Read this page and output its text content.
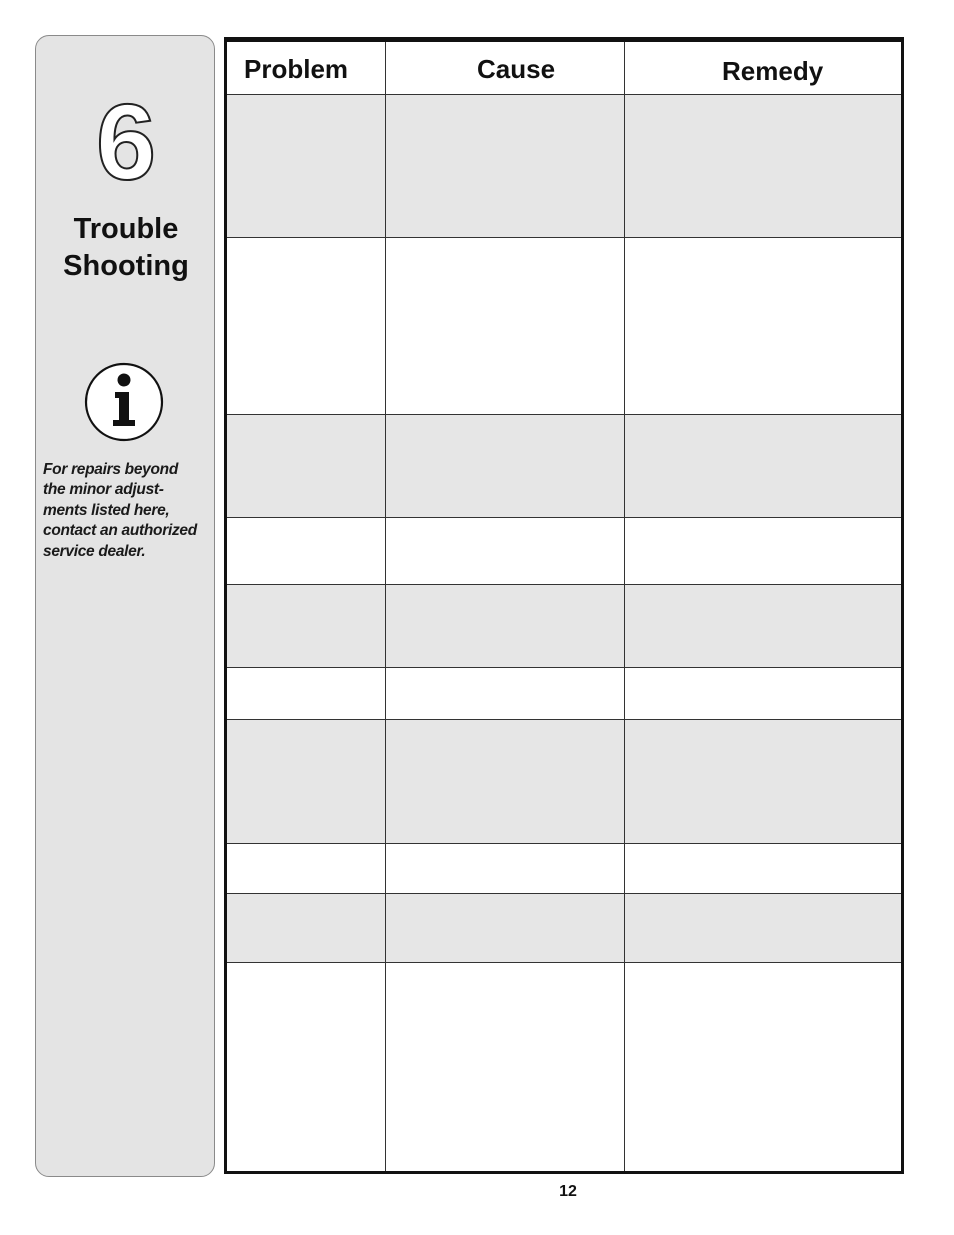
6
Trouble
Shooting
For repairs beyond
the minor adjust-
ments listed here,
contact an authorized
service dealer.
Problem	Cause	Remedy
12
